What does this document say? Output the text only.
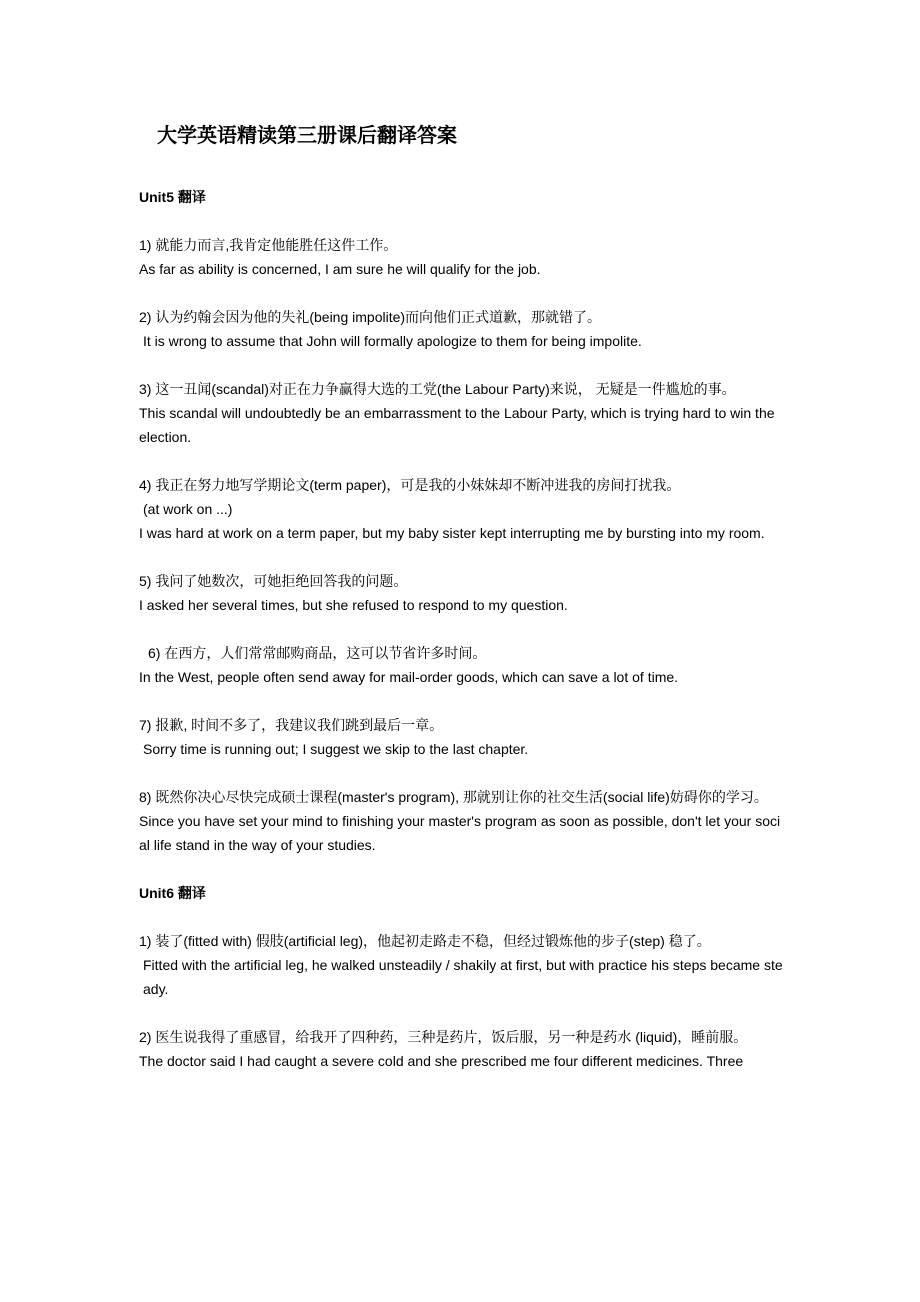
大学英语精读第三册课后翻译答案
Unit5 翻译
1) 就能力而言,我肯定他能胜任这件工作。
As far as ability is concerned, I am sure he will qualify for the job.
2) 认为约翰会因为他的失礼(being impolite)而向他们正式道歉，那就错了。
It is wrong to assume that John will formally apologize to them for being impolite.
3) 这一丑闻(scandal)对正在力争赢得大选的工党(the Labour Party)来说， 无疑是一件尴尬的事。
This scandal will undoubtedly be an embarrassment to the Labour Party, which is trying hard to win the election.
4) 我正在努力地写学期论文(term paper)，可是我的小妹妹却不断冲进我的房间打扰我。
(at work on ...)
I was hard at work on a term paper, but my baby sister kept interrupting me by bursting into my room.
5) 我问了她数次，可她拒绝回答我的问题。
I asked her several times, but she refused to respond to my question.
6) 在西方，人们常常邮购商品，这可以节省许多时间。
In the West, people often send away for mail-order goods, which can save a lot of time.
7) 报歉, 时间不多了，我建议我们跳到最后一章。
Sorry time is running out; I suggest we skip to the last chapter.
8) 既然你决心尽快完成硕士课程(master's program), 那就别让你的社交生活(social life)妨碍你的学习。
Since you have set your mind to finishing your master's program as soon as possible, don't let your social life stand in the way of your studies.
Unit6 翻译
1) 装了(fitted with) 假肢(artificial leg)，他起初走路走不稳，但经过锻炼他的步子(step) 稳了。
Fitted with the artificial leg, he walked unsteadily / shakily at first, but with practice his steps became steady.
2) 医生说我得了重感冒，给我开了四种药，三种是药片，饭后服，另一种是药水 (liquid)，睡前服。
The doctor said I had caught a severe cold and she prescribed me four different medicines. Three
